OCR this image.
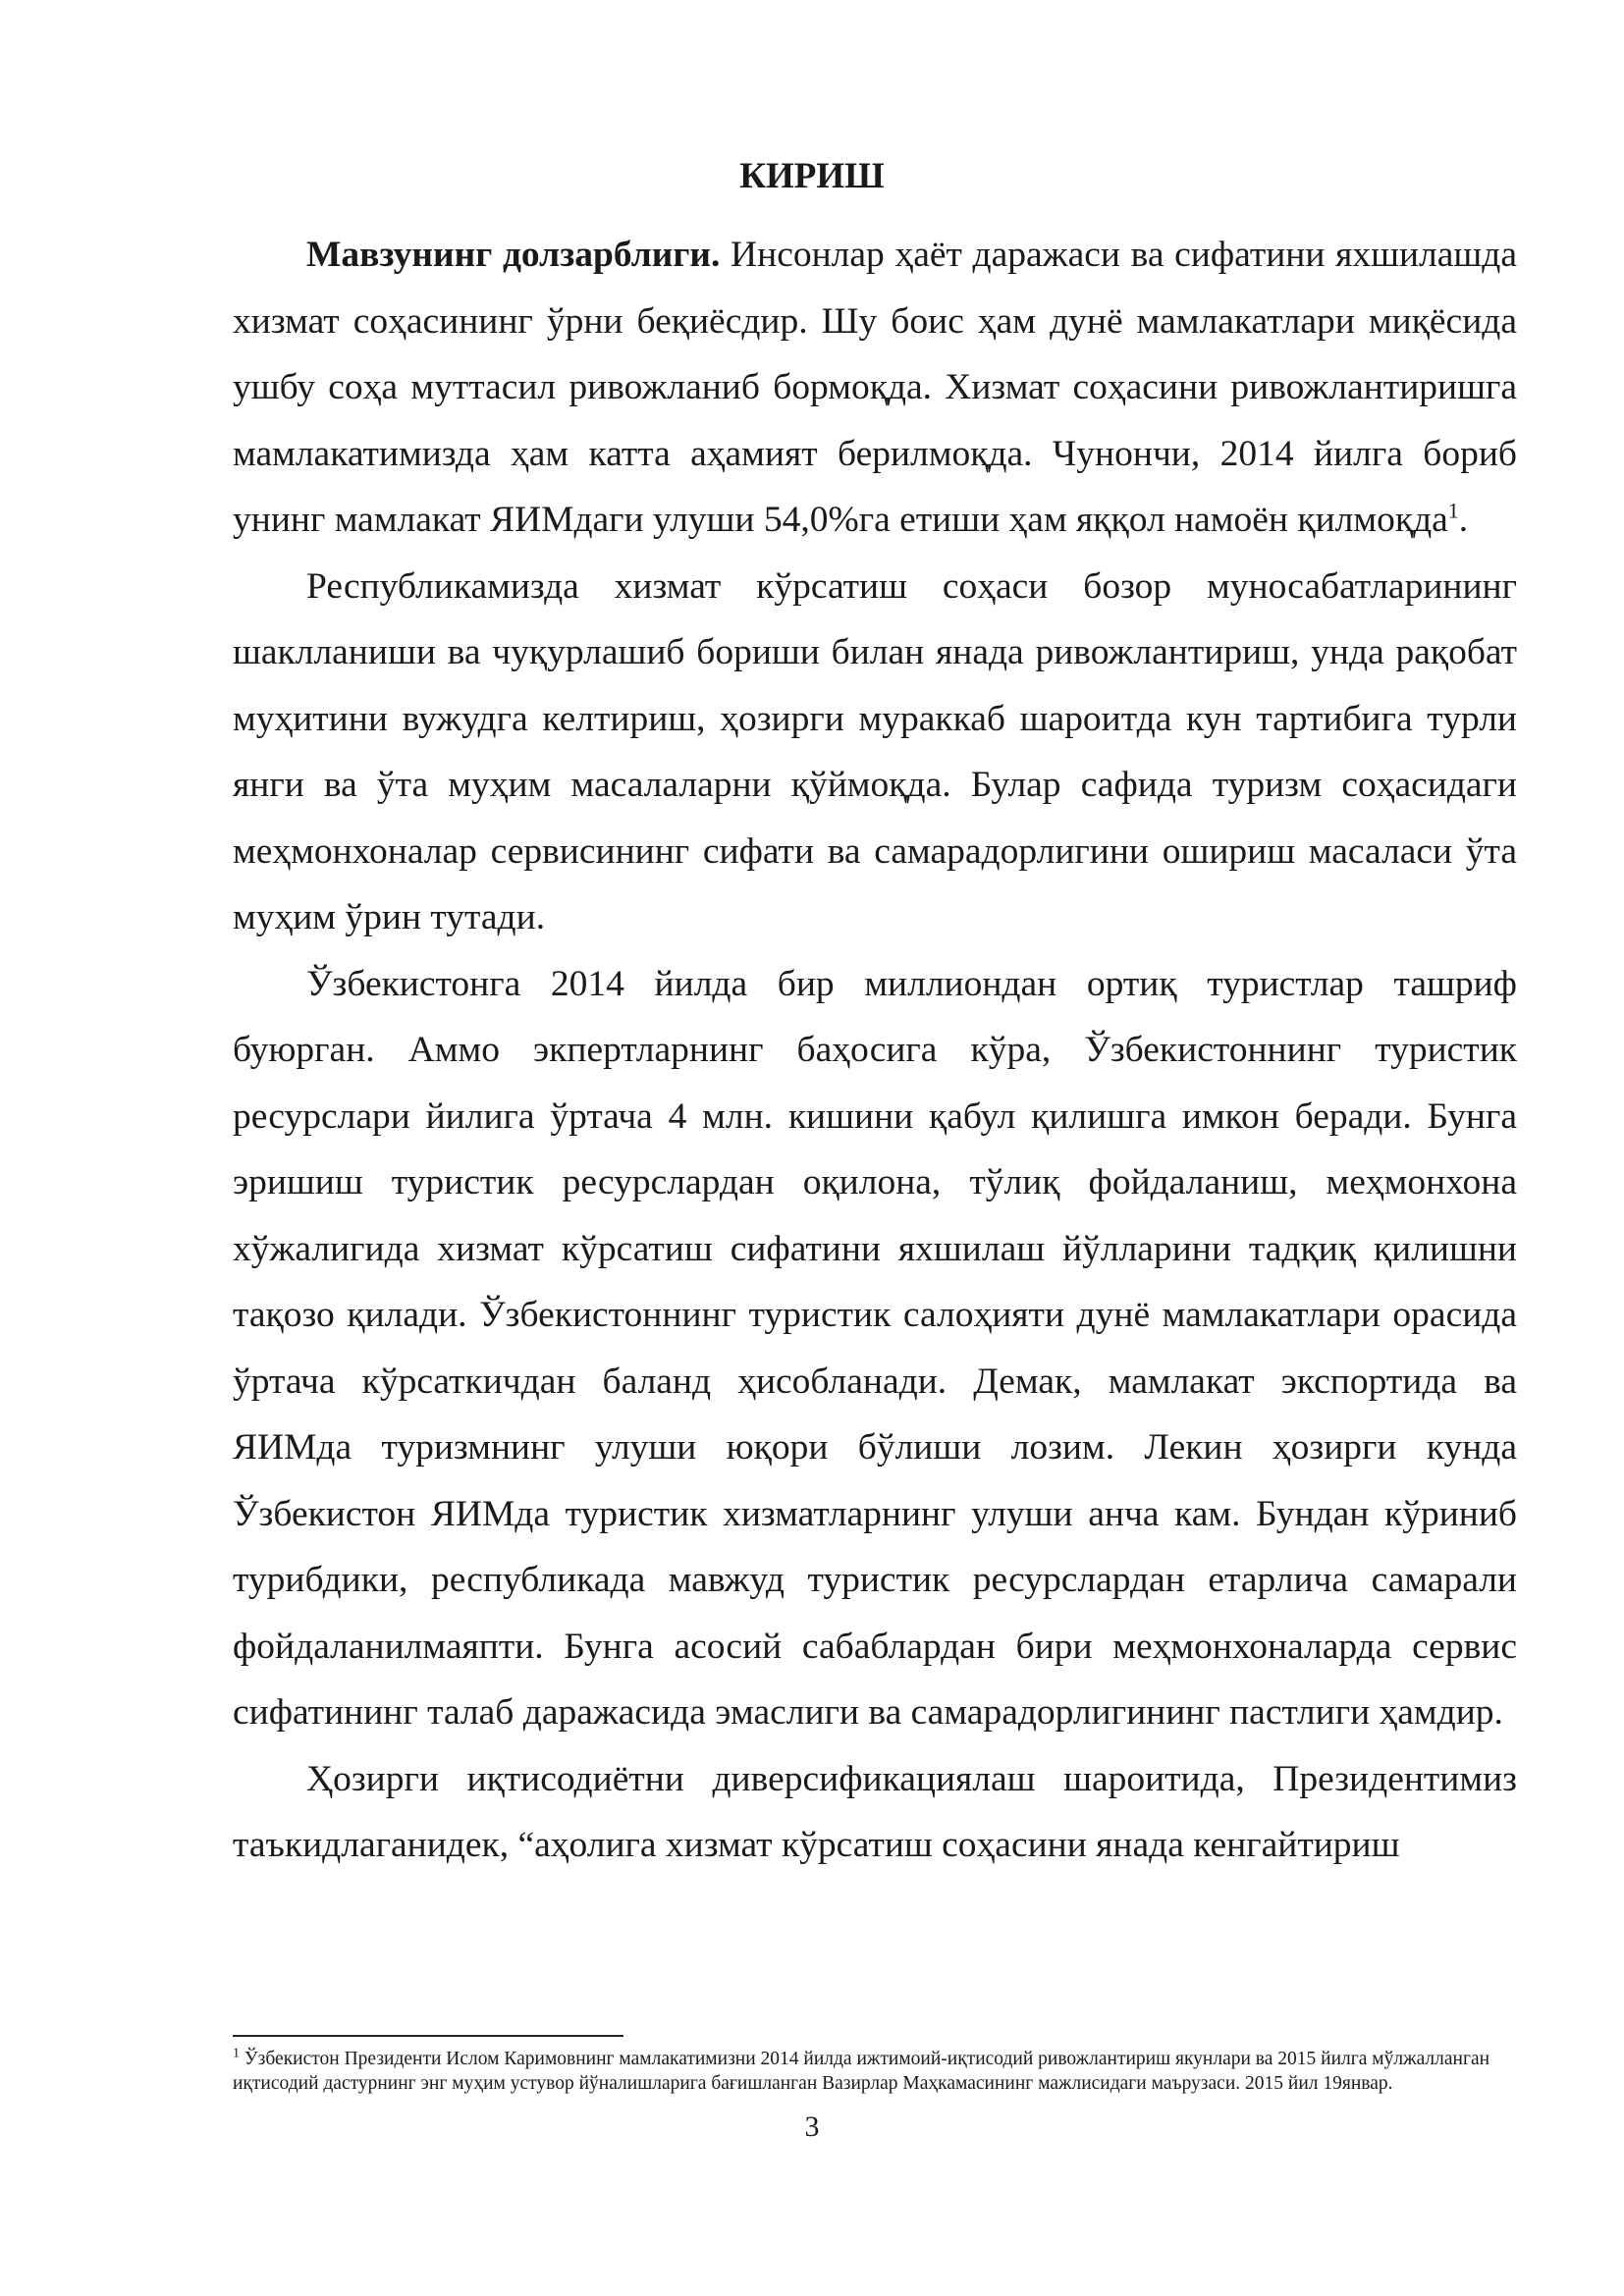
КИРИШ

Мавзунинг долзарблиги. Инсонлар ҳаёт даражаси ва сифатини яхшилашда хизмат соҳасининг ўрни беқиёсдир. Шу боис ҳам дунё мамлакатлари миқёсида ушбу соҳа муттасил ривожланиб бормоқда. Хизмат соҳасини ривожлантиришга мамлакатимизда ҳам катта аҳамият берилмоқда. Чунончи, 2014 йилга бориб унинг мамлакат ЯИМдаги улуши 54,0%га етиши ҳам яққол намоён қилмоқда$^1$.

Республикамизда хизмат кўрсатиш соҳаси бозор муносабатларининг шаклланиши ва чуқурлашиб бориши билан янада ривожлантириш, унда рақобат муҳитини вужудга келтириш, ҳозирги мураккаб шароитда кун тартибига турли янги ва ўта муҳим масалаларни қўймоқда. Булар сафида туризм соҳасидаги меҳмонхоналар сервисининг сифати ва самарадорлигини ошириш масаласи ўта муҳим ўрин тутади.

Ўзбекистонга 2014 йилда бир миллиондан ортиқ туристлар ташриф буюрган. Аммо экпертларнинг баҳосига кўра, Ўзбекистоннинг туристик ресурслари йилига ўртача 4 млн. кишини қабул қилишга имкон беради. Бунга эришиш туристик ресурслардан оқилона, тўлиқ фойдаланиш, меҳмонхона хўжалигида хизмат кўрсатиш сифатини яхшилаш йўлларини тадқиқ қилишни тақозо қилади. Ўзбекистоннинг туристик салоҳияти дунё мамлакатлари орасида ўртача кўрсаткичдан баланд ҳисобланади. Демак, мамлакат экспортида ва ЯИМда туризмнинг улуши юқори бўлиши лозим. Лекин ҳозирги кунда Ўзбекистон ЯИМда туристик хизматларнинг улуши анча кам. Бундан кўриниб турибдики, республикада мавжуд туристик ресурслардан етарлича самарали фойдаланилмаяпти. Бунга асосий сабаблардан бири меҳмонхоналарда сервис сифатининг талаб даражасида эмаслиги ва самарадорлигининг пастлиги ҳамдир.

Ҳозирги иқтисодиётни диверсификациялаш шароитида, Президентимиз таъкидлаганидек, “аҳолига хизмат кўрсатиш соҳасини янада кенгайтириш

$^1$ Ўзбекистон Президенти Ислом Каримовнинг мамлакатимизни 2014 йилда ижтимоий-иқтисодий ривожлантириш якунлари ва 2015 йилга мўлжалланган иқтисодий дастурнинг энг муҳим устувор йўналишларига бағишланган Вазирлар Маҳкамасининг мажлисидаги маърузаси. 2015 йил 19январ.

3
